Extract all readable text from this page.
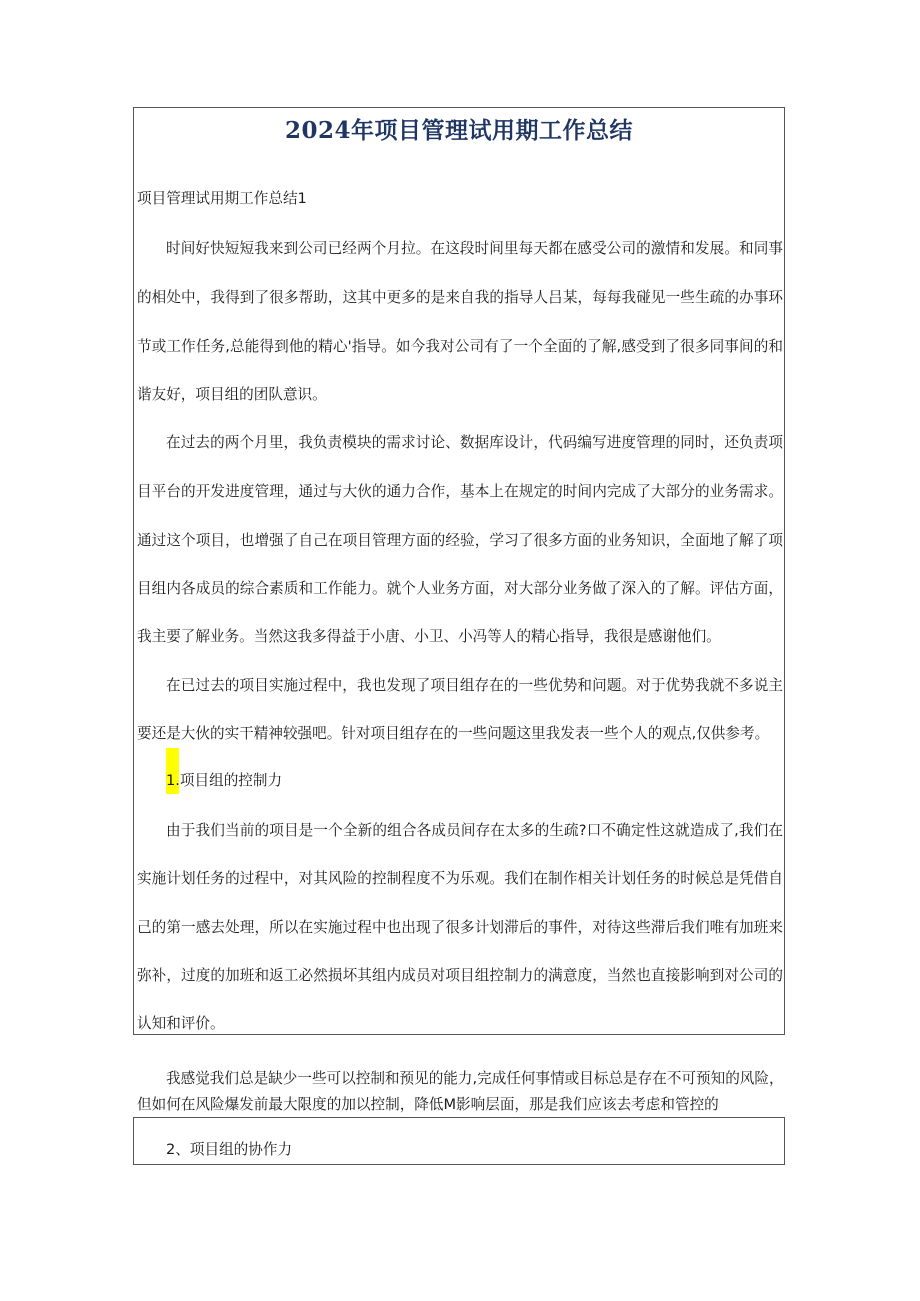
2024年项目管理试用期工作总结

项目管理试用期工作总结1

时间好快短短我来到公司已经两个月拉。在这段时间里每天都在感受公司的激情和发展。和同事

的相处中，我得到了很多帮助，这其中更多的是来自我的指导人吕某，每每我碰见一些生疏的办事环

节或工作任务,总能得到他的精心'指导。如今我对公司有了一个全面的了解,感受到了很多同事间的和

谐友好，项目组的团队意识。

在过去的两个月里，我负责模块的需求讨论、数据库设计，代码编写进度管理的同时，还负责项

目平台的开发进度管理，通过与大伙的通力合作，基本上在规定的时间内完成了大部分的业务需求。

通过这个项目，也增强了自己在项目管理方面的经验，学习了很多方面的业务知识，全面地了解了项

目组内各成员的综合素质和工作能力。就个人业务方面，对大部分业务做了深入的了解。评估方面，

我主要了解业务。当然这我多得益于小唐、小卫、小冯等人的精心指导，我很是感谢他们。

在已过去的项目实施过程中，我也发现了项目组存在的一些优势和问题。对于优势我就不多说主

要还是大伙的实干精神较强吧。针对项目组存在的一些问题这里我发表一些个人的观点,仅供参考。

1.项目组的控制力

由于我们当前的项目是一个全新的组合各成员间存在太多的生疏?口不确定性这就造成了,我们在

实施计划任务的过程中，对其风险的控制程度不为乐观。我们在制作相关计划任务的时候总是凭借自

己的第一感去处理，所以在实施过程中也出现了很多计划滞后的事件，对待这些滞后我们唯有加班来

弥补，过度的加班和返工必然损坏其组内成员对项目组控制力的满意度，当然也直接影响到对公司的

认知和评价。

我感觉我们总是缺少一些可以控制和预见的能力,完成任何事情或目标总是存在不可预知的风险，

但如何在风险爆发前最大限度的加以控制，降低M影响层面，那是我们应该去考虑和管控的

2、项目组的协作力
